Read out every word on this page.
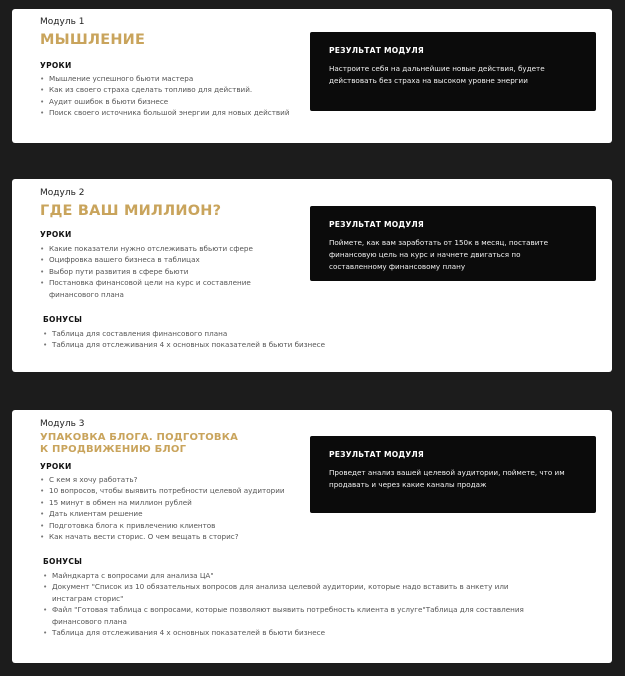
Модуль 1
МЫШЛЕНИЕ
УРОКИ
• Мышление успешного бьюти мастера
• Как из своего страха сделать топливо для действий.
• Аудит ошибок в бьюти бизнесе
• Поиск своего источника большой энергии для новых действий
РЕЗУЛЬТАТ МОДУЛЯ
Настроите себя на дальнейшие новые действия, будете действовать без страха на высоком уровне энергии
Модуль 2
ГДЕ ВАШ МИЛЛИОН?
УРОКИ
• Какие показатели нужно отслеживать вбьюти сфере
• Оцифровка вашего бизнеса в таблицах
• Выбор пути развития в сфере бьюти
• Постановка финансовой цели на курс и составление финансового плана
БОНУСЫ
• Таблица для составления финансового плана
• Таблица для отслеживания 4 х основных показателей в бьюти бизнесе
РЕЗУЛЬТАТ МОДУЛЯ
Поймете, как вам заработать от 150к в месяц, поставите финансовую цель на курс и начнете двигаться по составленному финансовому плану
Модуль 3
УПАКОВКА БЛОГА. ПОДГОТОВКА
К ПРОДВИЖЕНИЮ БЛОГ
УРОКИ
• С кем я хочу работать?
• 10 вопросов, чтобы выявить потребности целевой аудитории
• 15 минут в обмен на миллион рублей
• Дать клиентам решение
• Подготовка блога к привлечению клиентов
• Как начать вести сторис. О чем вещать в сторис?
БОНУСЫ
• Майндкарта с вопросами для анализа ЦА"
• Документ "Список из 10 обязательных вопросов для анализа целевой аудитории, которые надо вставить в анкету или инстаграм сторис"
• Файл "Готовая таблица с вопросами, которые позволяют выявить потребность клиента в услуге"Таблица для составления финансового плана
• Таблица для отслеживания 4 х основных показателей в бьюти бизнесе
РЕЗУЛЬТАТ МОДУЛЯ
Проведет анализ вашей целевой аудитории, поймете, что им продавать и через какие каналы продаж
